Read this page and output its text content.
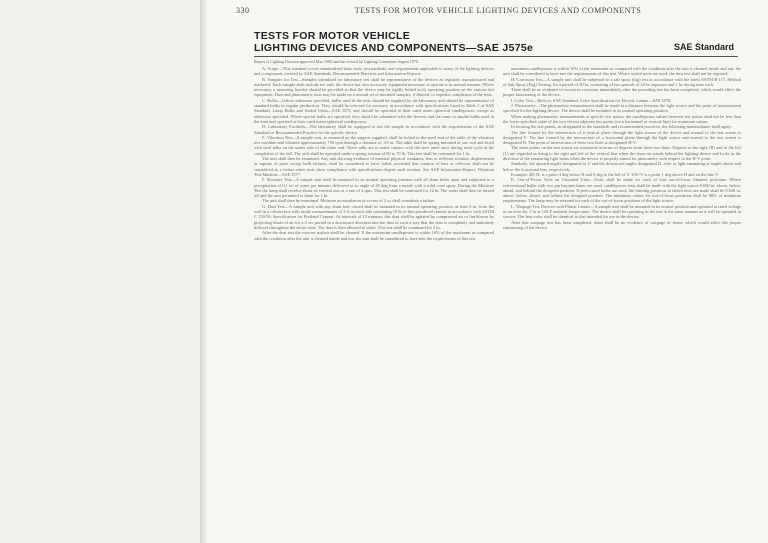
330	TESTS FOR MOTOR VEHICLE LIGHTING DEVICES AND COMPONENTS
TESTS FOR MOTOR VEHICLE
LIGHTING DEVICES AND COMPONENTS—SAE J575e	SAE Standard
Report of Lighting Division approved May 1960 and last revised by Lighting Committee August 1970.

A. Scope—This standard covers standardized basic tests, test methods, and requirements applicable to many of the lighting devices and components covered by SAE Standards, Recommended Practices and Information Reports.

B. Samples for Test—Samples submitted for laboratory test shall be representative of the devices as regularly manufactured and marketed. Each sample shall include not only the device but also accessory equipment necessary to operate it in normal manner. Where necessary, a mounting bracket should be provided so that the device may be rigidly bolted in its operating position on the various test equipment. Dust and photometric tests may be made on a second set of mounted samples, if desired, to expedite completion of the tests.

C. Bulbs—Unless otherwise specified, bulbs used in the tests should be supplied by the laboratory and should be representative of standard bulbs in regular production. They should be selected for accuracy in accordance with specifications listed in Table 1 of SAE Standard, Lamp Bulbs and Sealed Units—SAE J573, and should be operated at their rated mean spherical candlepower, except as otherwise specified. Where special bulbs are specified, they should be submitted with the devices and the same or similar bulbs used in the tests and operated at their rated mean spherical candlepower.

D. Laboratory Facilities—The laboratory shall be equipped to test the sample in accordance with the requirements of the SAE Standard or Recommended Practice for the specific device.

E. Vibration Test—A sample unit, as mounted on the support supplied, shall be bolted to the anvil end of the table of the vibration test machine and vibrated approximately 750 cpm through a distance of 1/8 in. The table shall be spring mounted at one end and fitted with steel talks on the under side of the other end. These talks are to make contact with the steel anvil once during each cycle at the completion of the fall. The rack shall be operated under a spring tension of 60 to 70 lb. This test shall be continued for 1 hr.

The unit shall then be examined. Any unit showing evidence of material physical weakness, lens or reflector rotation, displacement or rupture of parts except bulb failures, shall be considered to have failed, provided that rotation of lens or reflector shall not be considered as a failure when tests show compliance with specifications despite such rotation. See SAE Information Report, Vibration Test Machine—SAE J577.

F. Moisture Test—A sample unit shall be mounted in its normal operating position with all drain holes open and subjected to a precipitation of 0.1 in. of water per minute, delivered at an angle of 45 deg from a nozzle with a solid cone spray. During the Moisture Test the lamp shall revolve about its vertical axis at a rate of 4 rpm. This test shall be continued for 12 hr. The water shall then be turned off and the unit permitted to drain for 1 hr.

The unit shall then be examined. Moisture accumulation in excess of 2 cc shall constitute a failure.

G. Dust Test—A sample unit with any drain hole closed shall be mounted in its normal operating position, at least 6 in. from the wall in a cabinet box with inside measurements of 3 ft on each side containing 10 lb of fine powdered cement in accordance with ASTM C 150-56, Specification for Portland Cement. At intervals of 15 minutes, this dust shall be agitated by compressed air or fan blower by projecting blasts of air for a 2 sec period in a downward direction into the dust in such a way that the dust is completely and uniformly diffused throughout the entire cube. The dust is then allowed to settle. This test shall be continued for 5 hr.

After the dust test the exterior surface shall be cleaned. If the maximum candlepower is within 10% of the maximum as compared with the condition after the unit is cleaned inside and out, the unit shall be considered to have met the requirements of this test.

maximum candlepower is within 10% of the maximum as compared with the condition after the unit is cleaned inside and out, the unit shall be considered to have met the requirements of this test. Where sealed units are used, the dust test shall not be required.

H. Corrosion Test—A sample unit shall be subjected to a salt spray (fog) test in accordance with the latest ASTM B 117, Method of Salt Spray (Fog) Testing, for a period of 50 hr, consisting of two periods of 24-hr exposure and 1 hr drying time each.

There shall be no evidence of excessive corrosion immediately after the preceding test has been completed, which would affect the proper functioning of the device.

I. Color Test—Refer to SAE Standard, Color Specification for Electric Lamps—SAE J578.

J. Photometry—The photometric measurement shall be made at a distance between the light source and the point of measurement specified for the lighting device. The device shall be mounted in its normal operating position.

When making photometric measurements at specific test points, the candlepower values between test points shall not be less than the lower specified value of the two closest adjacent test points (on a horizontal or vertical line) for minimum values.

In locating the test points, as designated in the standards and recommended practices, the following nomenclature shall apply:

The line formed by the intersection of a vertical plane through the light source of the device and normal to the test screen is designated V. The line formed by the intersection of a horizontal plane through the light source and normal to the test screen is designated H. The point of intersection of these two lines is designated H-V.

The other points on the test screen are measured in terms of degrees from these two lines. Degrees to the right (R) and to the left (L) are regarded as being to the right and left of the vertical line when the observer stands behind the lighting device and looks in the direction of the emanating light beam when the device is properly aimed for photometry with respect to the H-V point.

Similarly, the upward angles designated as U and the downward angles designated D, refer to light emanating at angles above and below the horizontal line, respectively.

Example: 4D-5L is a point 4 deg below H and 5 deg to the left of V. 10U-V is a point 1 deg above H and on the line V.

K. Out-of-Focus Tests on Unsealed Units—Units shall be made for each of four out-of-focus filament positions. Where conventional bulbs with two pin bayonet bases are used, candlepower tests shall be made with the light source 0.060 in. above, below, ahead, and behind the designed position. If prefocused bulbs are used, the limiting positions at which tests are made shall be 0.020 in. above, below, ahead, and behind the designed position. The minimum values for out-of-focus positions shall be 80% of minimum requirements. The lamp may be retained for each of the out-of-focus positions of the light source.

L. Warpage Test Devices with Plastic Lenses—A sample unit shall be mounted in its normal position and operated at rated voltage in an oven for 1 hr at 120 F ambient temperature. The device shall be operating in the test in the same manner as it will be operated in service. The lens color shall be identical to that intended for use in the device.

After this warpage test has been completed, there shall be no evidence of warpage of lenses which would affect the proper functioning of the device.
